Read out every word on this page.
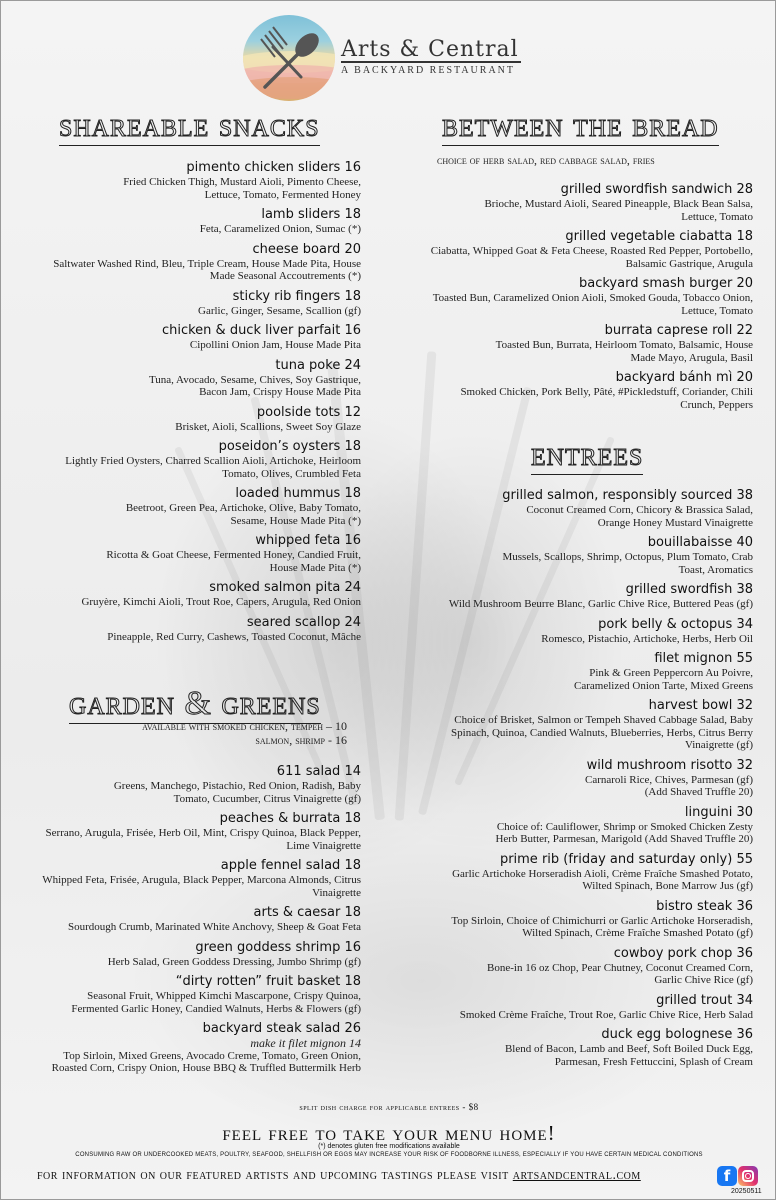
Arts & Central
A BACKYARD RESTAURANT
shareable snacks	between the bread
choice of herb salad, red cabbage salad, fries
entrees
garden & greens
available with smoked chicken, tempeh – 10
salmon, shrimp - 16
pimento chicken sliders 16
Fried Chicken Thigh, Mustard Aioli, Pimento Cheese, Lettuce, Tomato, Fermented Honey
lamb sliders 18
Feta, Caramelized Onion, Sumac (*)
cheese board 20
Saltwater Washed Rind, Bleu, Triple Cream, House Made Pita, House Made Seasonal Accoutrements (*)
sticky rib fingers 18
Garlic, Ginger, Sesame, Scallion (gf)
chicken & duck liver parfait 16
Cipollini Onion Jam, House Made Pita
tuna poke 24
Tuna, Avocado, Sesame, Chives, Soy Gastrique, Bacon Jam, Crispy House Made Pita
poolside tots 12
Brisket, Aioli, Scallions, Sweet Soy Glaze
poseidon’s oysters 18
Lightly Fried Oysters, Charred Scallion Aioli, Artichoke, Heirloom Tomato, Olives, Crumbled Feta
loaded hummus 18
Beetroot, Green Pea, Artichoke, Olive, Baby Tomato, Sesame, House Made Pita (*)
whipped feta 16
Ricotta & Goat Cheese, Fermented Honey, Candied Fruit, House Made Pita (*)
smoked salmon pita 24
Gruyère, Kimchi Aioli, Trout Roe, Capers, Arugula, Red Onion
seared scallop 24
Pineapple, Red Curry, Cashews, Toasted Coconut, Mâche
611 salad 14
Greens, Manchego, Pistachio, Red Onion, Radish, Baby Tomato, Cucumber, Citrus Vinaigrette (gf)
peaches & burrata 18
Serrano, Arugula, Frisée, Herb Oil, Mint, Crispy Quinoa, Black Pepper, Lime Vinaigrette
apple fennel salad 18
Whipped Feta, Frisée, Arugula, Black Pepper, Marcona Almonds, Citrus Vinaigrette
arts & caesar 18
Sourdough Crumb, Marinated White Anchovy, Sheep & Goat Feta
green goddess shrimp 16
Herb Salad, Green Goddess Dressing, Jumbo Shrimp (gf)
“dirty rotten” fruit basket 18
Seasonal Fruit, Whipped Kimchi Mascarpone, Crispy Quinoa, Fermented Garlic Honey, Candied Walnuts, Herbs & Flowers (gf)
backyard steak salad 26
make it filet mignon 14
Top Sirloin, Mixed Greens, Avocado Creme, Tomato, Green Onion, Roasted Corn, Crispy Onion, House BBQ & Truffled Buttermilk Herb
grilled swordfish sandwich 28
Brioche, Mustard Aioli, Seared Pineapple, Black Bean Salsa, Lettuce, Tomato
grilled vegetable ciabatta 18
Ciabatta, Whipped Goat & Feta Cheese, Roasted Red Pepper, Portobello, Balsamic Gastrique, Arugula
backyard smash burger 20
Toasted Bun, Caramelized Onion Aioli, Smoked Gouda, Tobacco Onion, Lettuce, Tomato
burrata caprese roll 22
Toasted Bun, Burrata, Heirloom Tomato, Balsamic, House Made Mayo, Arugula, Basil
backyard bánh mì 20
Smoked Chicken, Pork Belly, Pâté, #Pickledstuff, Coriander, Chili Crunch, Peppers
grilled salmon, responsibly sourced 38
Coconut Creamed Corn, Chicory & Brassica Salad, Orange Honey Mustard Vinaigrette
bouillabaisse 40
Mussels, Scallops, Shrimp, Octopus, Plum Tomato, Crab Toast, Aromatics
grilled swordfish 38
Wild Mushroom Beurre Blanc, Garlic Chive Rice, Buttered Peas (gf)
pork belly & octopus 34
Romesco, Pistachio, Artichoke, Herbs, Herb Oil
filet mignon 55
Pink & Green Peppercorn Au Poivre, Caramelized Onion Tarte, Mixed Greens
harvest bowl 32
Choice of Brisket, Salmon or Tempeh Shaved Cabbage Salad, Baby Spinach, Quinoa, Candied Walnuts, Blueberries, Herbs, Citrus Berry Vinaigrette (gf)
wild mushroom risotto 32
Carnaroli Rice, Chives, Parmesan (gf) (Add Shaved Truffle 20)
linguini 30
Choice of: Cauliflower, Shrimp or Smoked Chicken Zesty Herb Butter, Parmesan, Marigold (Add Shaved Truffle 20)
prime rib (friday and saturday only) 55
Garlic Artichoke Horseradish Aioli, Crème Fraîche Smashed Potato, Wilted Spinach, Bone Marrow Jus (gf)
bistro steak 36
Top Sirloin, Choice of Chimichurri or Garlic Artichoke Horseradish, Wilted Spinach, Crème Fraîche Smashed Potato (gf)
cowboy pork chop 36
Bone-in 16 oz Chop, Pear Chutney, Coconut Creamed Corn, Garlic Chive Rice (gf)
grilled trout 34
Smoked Crème Fraîche, Trout Roe, Garlic Chive Rice, Herb Salad
duck egg bolognese 36
Blend of Bacon, Lamb and Beef, Soft Boiled Duck Egg, Parmesan, Fresh Fettuccini, Splash of Cream
split dish charge for applicable entrees - $8
feel free to take your menu home!
(*) denotes gluten free modifications available
CONSUMING RAW OR UNDERCOOKED MEATS, POULTRY, SEAFOOD, SHELLFISH OR EGGS MAY INCREASE YOUR RISK OF FOODBORNE ILLNESS, ESPECIALLY IF YOU HAVE CERTAIN MEDICAL CONDITIONS
for information on our featured artists and upcoming tastings please visit artsandcentral.com	f
20250511
